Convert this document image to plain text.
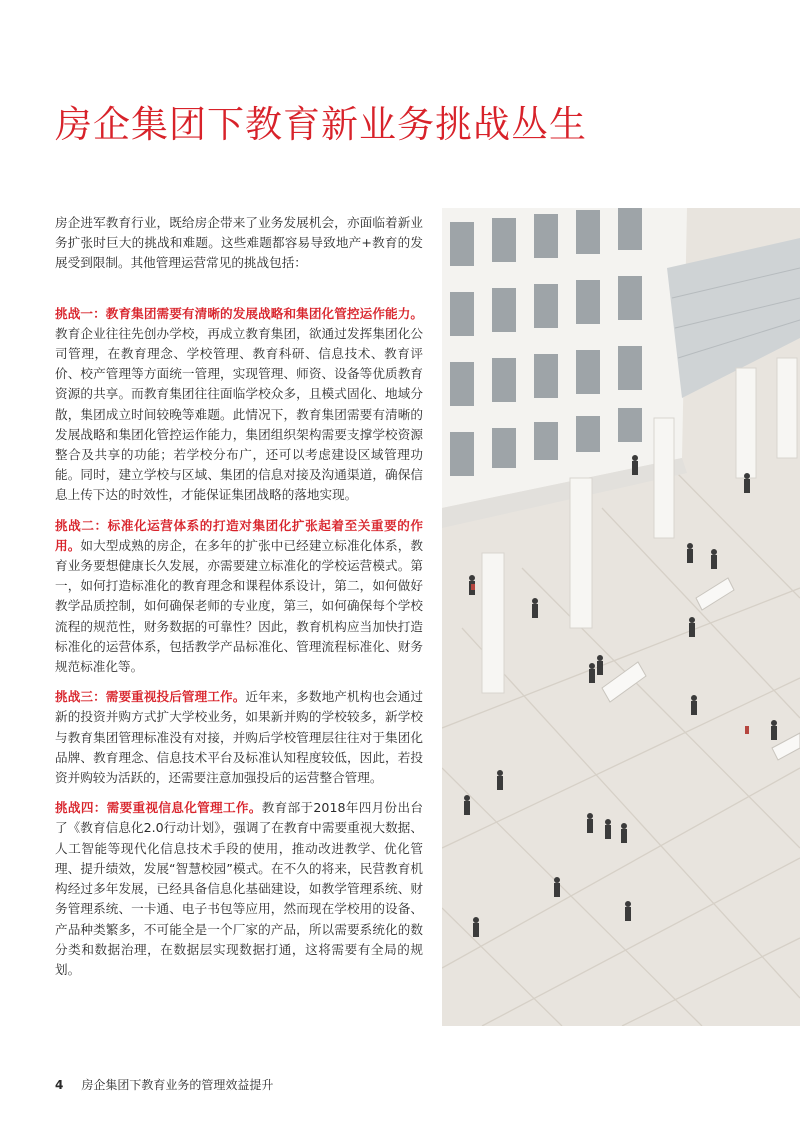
房企集团下教育新业务挑战丛生

房企进军教育行业，既给房企带来了业务发展机会，亦面临着新业务扩张时巨大的挑战和难题。这些难题都容易导致地产+教育的发展受到限制。其他管理运营常见的挑战包括：

挑战一：教育集团需要有清晰的发展战略和集团化管控运作能力。教育企业往往先创办学校，再成立教育集团，欲通过发挥集团化公司管理，在教育理念、学校管理、教育科研、信息技术、教育评价、校产管理等方面统一管理，实现管理、师资、设备等优质教育资源的共享。而教育集团往往面临学校众多，且模式固化、地域分散，集团成立时间较晚等难题。此情况下，教育集团需要有清晰的发展战略和集团化管控运作能力，集团组织架构需要支撑学校资源整合及共享的功能；若学校分布广，还可以考虑建设区域管理功能。同时，建立学校与区域、集团的信息对接及沟通渠道，确保信息上传下达的时效性，才能保证集团战略的落地实现。

挑战二：标准化运营体系的打造对集团化扩张起着至关重要的作用。如大型成熟的房企，在多年的扩张中已经建立标准化体系，教育业务要想健康长久发展，亦需要建立标准化的学校运营模式。第一，如何打造标准化的教育理念和课程体系设计，第二，如何做好教学品质控制，如何确保老师的专业度，第三，如何确保每个学校流程的规范性，财务数据的可靠性？因此，教育机构应当加快打造标准化的运营体系，包括教学产品标准化、管理流程标准化、财务规范标准化等。

挑战三：需要重视投后管理工作。近年来，多数地产机构也会通过新的投资并购方式扩大学校业务，如果新并购的学校较多，新学校与教育集团管理标准没有对接，并购后学校管理层往往对于集团化品牌、教育理念、信息技术平台及标准认知程度较低，因此，若投资并购较为活跃的，还需要注意加强投后的运营整合管理。

挑战四：需要重视信息化管理工作。教育部于2018年四月份出台了《教育信息化2.0行动计划》，强调了在教育中需要重视大数据、人工智能等现代化信息技术手段的使用，推动改进教学、优化管理、提升绩效，发展“智慧校园”模式。在不久的将来，民营教育机构经过多年发展，已经具备信息化基础建设，如教学管理系统、财务管理系统、一卡通、电子书包等应用，然而现在学校用的设备、产品种类繁多，不可能全是一个厂家的产品，所以需要系统化的数分类和数据治理，在数据层实现数据打通，这将需要有全局的规划。

4 房企集团下教育业务的管理效益提升
